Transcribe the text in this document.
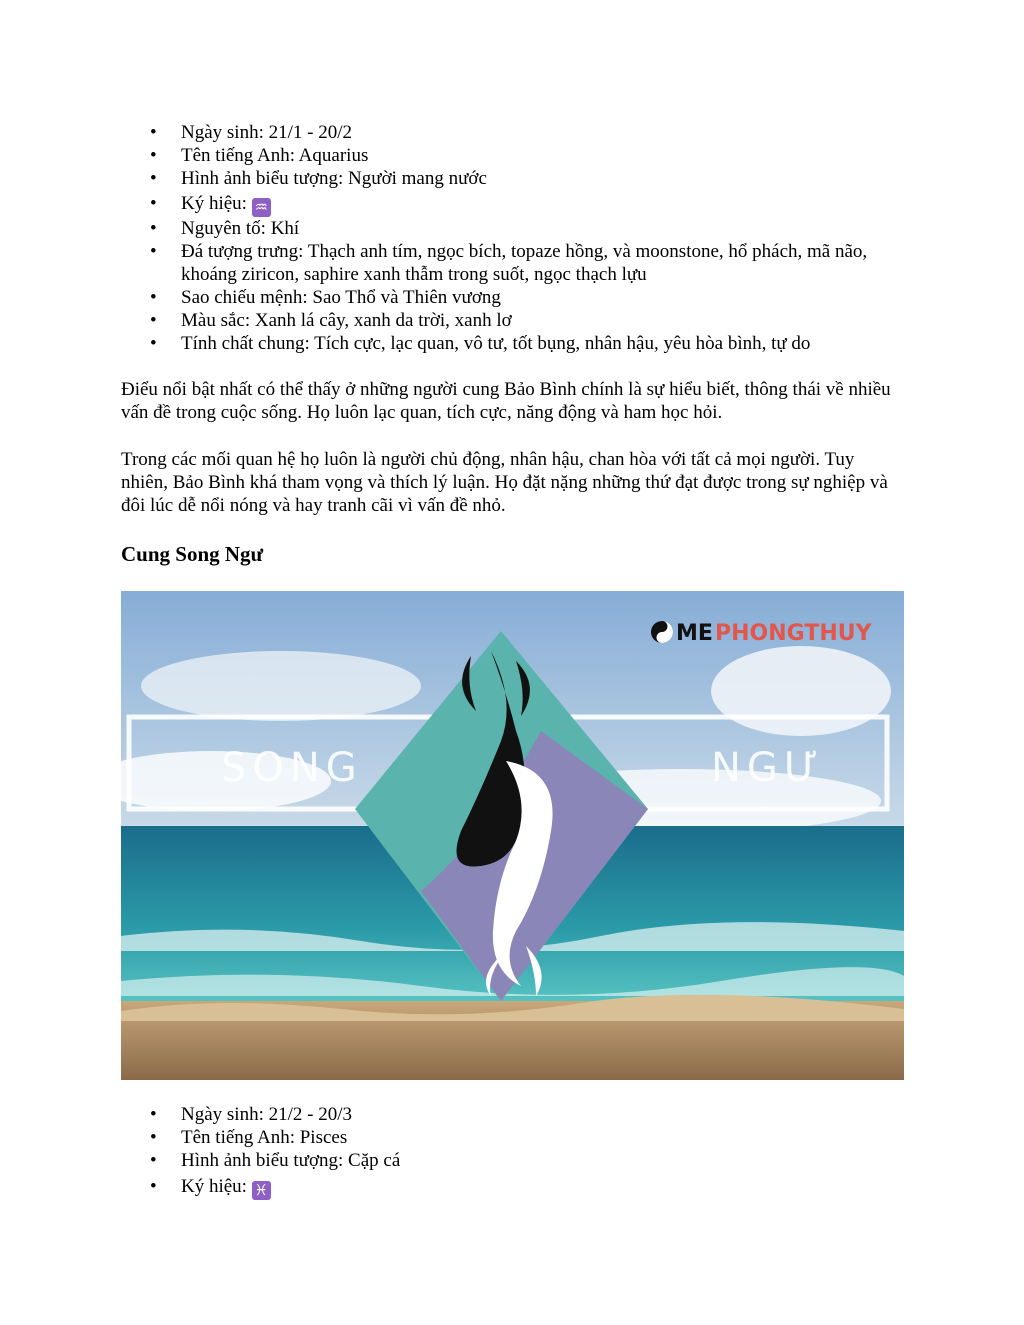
• Ngày sinh: 21/1 - 20/2
• Tên tiếng Anh: Aquarius
• Hình ảnh biểu tượng: Người mang nước
• Ký hiệu: ♒
• Nguyên tố: Khí
• Đá tượng trưng: Thạch anh tím, ngọc bích, topaze hồng, và moonstone, hổ phách, mã não, khoáng ziricon, saphire xanh thẫm trong suốt, ngọc thạch lựu
• Sao chiếu mệnh: Sao Thổ và Thiên vương
• Màu sắc: Xanh lá cây, xanh da trời, xanh lơ
• Tính chất chung: Tích cực, lạc quan, vô tư, tốt bụng, nhân hậu, yêu hòa bình, tự do

Điểu nổi bật nhất có thể thấy ở những người cung Bảo Bình chính là sự hiểu biết, thông thái về nhiều vấn đề trong cuộc sống. Họ luôn lạc quan, tích cực, năng động và ham học hỏi.

Trong các mối quan hệ họ luôn là người chủ động, nhân hậu, chan hòa với tất cả mọi người. Tuy nhiên, Bảo Bình khá tham vọng và thích lý luận. Họ đặt nặng những thứ đạt được trong sự nghiệp và đôi lúc dễ nổi nóng và hay tranh cãi vì vấn đề nhỏ.

Cung Song Ngư
SONG	NGƯ
ME PHONGTHUY
• Ngày sinh: 21/2 - 20/3
• Tên tiếng Anh: Pisces
• Hình ảnh biểu tượng: Cặp cá
• Ký hiệu: ♓
